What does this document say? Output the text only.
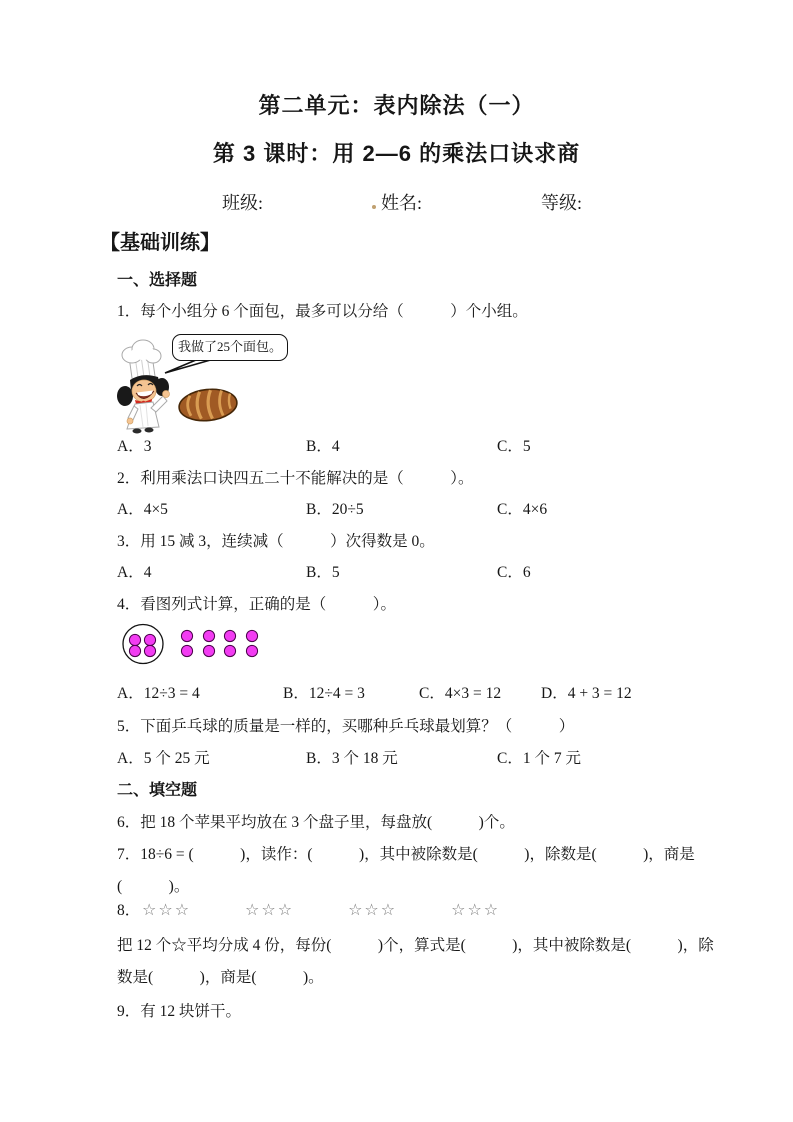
第二单元：表内除法（一）
第 3 课时：用 2—6 的乘法口诀求商
班级:	姓名:	等级:
【基础训练】
一、选择题
1．每个小组分 6 个面包，最多可以分给（　　　）个小组。
我做了25个面包。
A．3	B．4	C．5
2．利用乘法口诀四五二十不能解决的是（　　　）。
A．4×5	B．20÷5	C．4×6
3．用 15 减 3，连续减（　　　）次得数是 0。
A．4	B．5	C．6
4．看图列式计算，正确的是（　　　）。
A．12÷3 = 4	B．12÷4 = 3	C．4×3 = 12	D．4 + 3 = 12
5．下面乒乓球的质量是一样的，买哪种乒乓球最划算？（　　　）
A．5 个 25 元	B．3 个 18 元	C．1 个 7 元
二、填空题
6．把 18 个苹果平均放在 3 个盘子里，每盘放(　　　)个。
7．18÷6 = (　　　)，读作：(　　　)，其中被除数是(　　　)，除数是(　　　)，商是
(　　　)。
8． ☆☆☆　　　☆☆☆　　　☆☆☆　　　☆☆☆
把 12 个☆平均分成 4 份，每份(　　　)个，算式是(　　　)，其中被除数是(　　　)，除
数是(　　　)，商是(　　　)。
9．有 12 块饼干。
